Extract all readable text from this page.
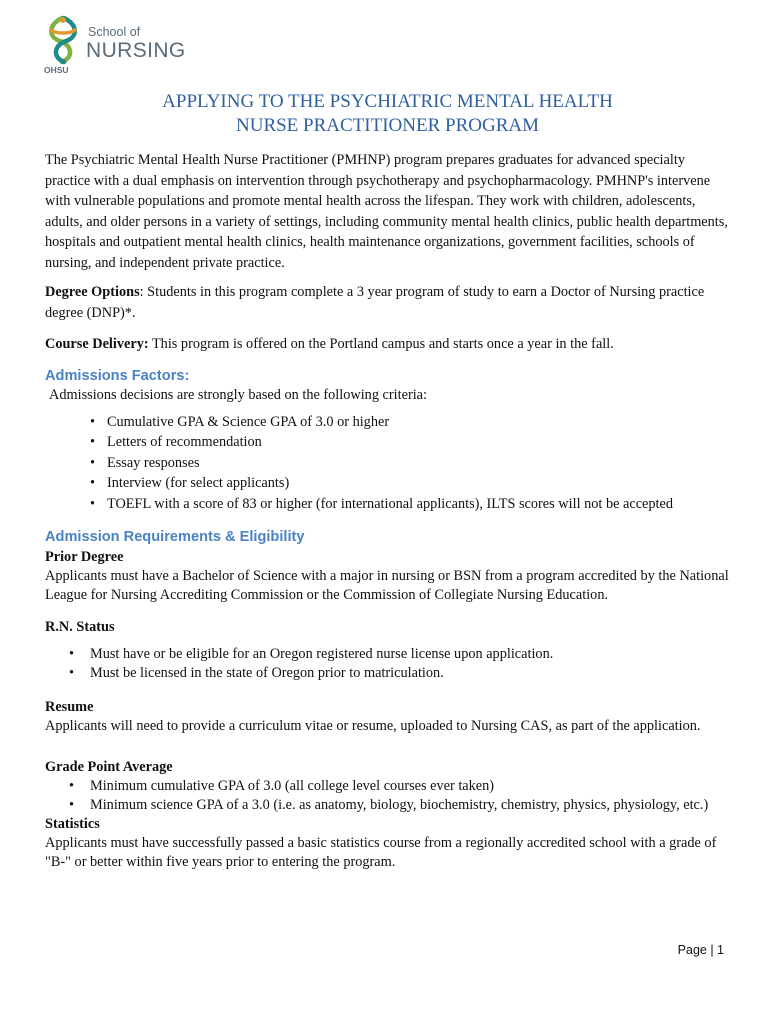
School of
NURSING
OHSU
APPLYING TO THE PSYCHIATRIC MENTAL HEALTH
NURSE PRACTITIONER PROGRAM

The Psychiatric Mental Health Nurse Practitioner (PMHNP) program prepares graduates for advanced specialty practice with a dual emphasis on intervention through psychotherapy and psychopharmacology. PMHNP's intervene with vulnerable populations and promote mental health across the lifespan. They work with children, adolescents, adults, and older persons in a variety of settings, including community mental health clinics, public health departments, hospitals and outpatient mental health clinics, health maintenance organizations, government facilities, schools of nursing, and independent private practice.

Degree Options: Students in this program complete a 3 year program of study to earn a Doctor of Nursing practice degree (DNP)*.

Course Delivery: This program is offered on the Portland campus and starts once a year in the fall.

Admissions Factors:

Admissions decisions are strongly based on the following criteria:

• Cumulative GPA & Science GPA of 3.0 or higher
• Letters of recommendation
• Essay responses
• Interview (for select applicants)
• TOEFL with a score of 83 or higher (for international applicants), ILTS scores will not be accepted
Admission Requirements & Eligibility

Prior Degree

Applicants must have a Bachelor of Science with a major in nursing or BSN from a program accredited by the National League for Nursing Accrediting Commission or the Commission of Collegiate Nursing Education.

R.N. Status

• Must have or be eligible for an Oregon registered nurse license upon application.
• Must be licensed in the state of Oregon prior to matriculation.

Resume

Applicants will need to provide a curriculum vitae or resume, uploaded to Nursing CAS, as part of the application.

Grade Point Average

• Minimum cumulative GPA of 3.0 (all college level courses ever taken)
• Minimum science GPA of a 3.0 (i.e. as anatomy, biology, biochemistry, chemistry, physics, physiology, etc.)

Statistics

Applicants must have successfully passed a basic statistics course from a regionally accredited school with a grade of "B-" or better within five years prior to entering the program.

Page | 1
